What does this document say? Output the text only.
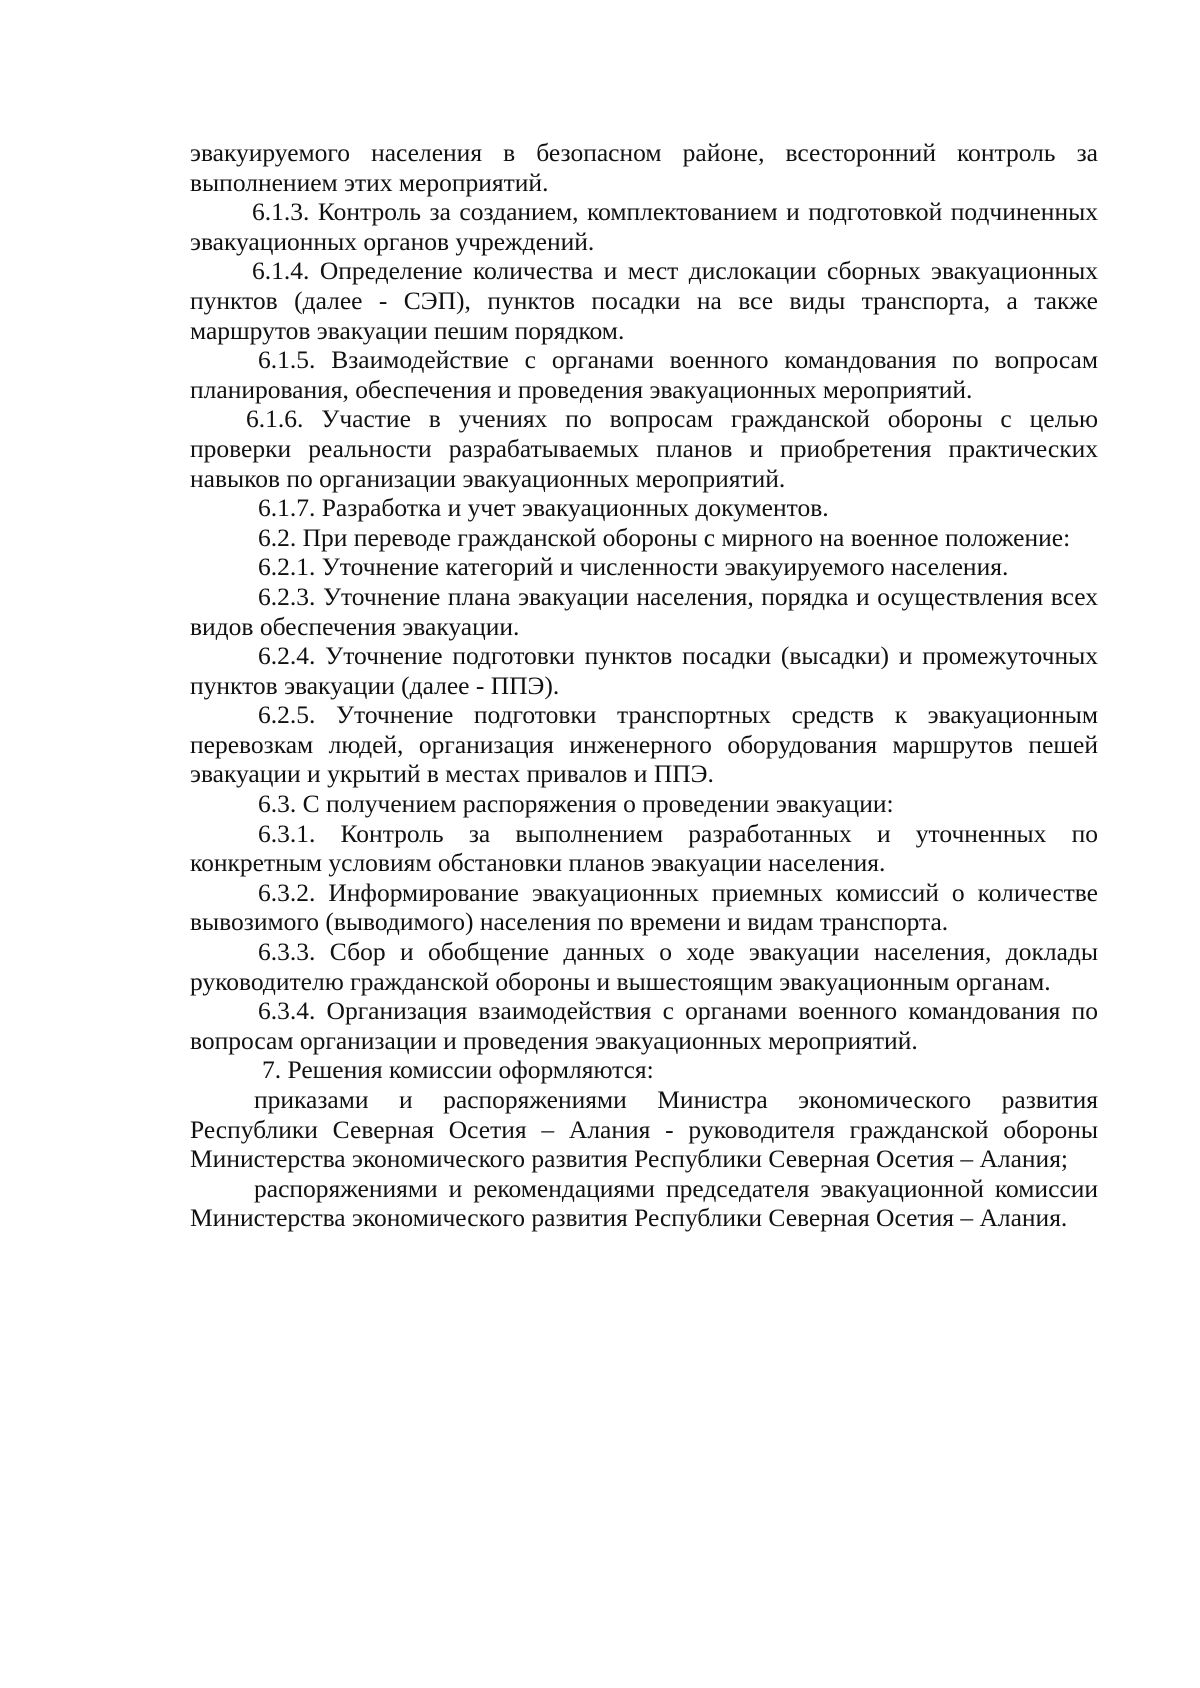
эвакуируемого населения в безопасном районе, всесторонний контроль за выполнением этих мероприятий.

6.1.3. Контроль за созданием, комплектованием и подготовкой подчиненных эвакуационных органов учреждений.

6.1.4. Определение количества и мест дислокации сборных эвакуационных пунктов (далее - СЭП), пунктов посадки на все виды транспорта, а также маршрутов эвакуации пешим порядком.

6.1.5. Взаимодействие с органами военного командования по вопросам планирования, обеспечения и проведения эвакуационных мероприятий.

6.1.6. Участие в учениях по вопросам гражданской обороны с целью проверки реальности разрабатываемых планов и приобретения практических навыков по организации эвакуационных мероприятий.

6.1.7. Разработка и учет эвакуационных документов.

6.2. При переводе гражданской обороны с мирного на военное положение:

6.2.1. Уточнение категорий и численности эвакуируемого населения.

6.2.3. Уточнение плана эвакуации населения, порядка и осуществления всех видов обеспечения эвакуации.

6.2.4. Уточнение подготовки пунктов посадки (высадки) и промежуточных пунктов эвакуации (далее - ППЭ).

6.2.5. Уточнение подготовки транспортных средств к эвакуационным перевозкам людей, организация инженерного оборудования маршрутов пешей эвакуации и укрытий в местах привалов и ППЭ.

6.3. С получением распоряжения о проведении эвакуации:

6.3.1. Контроль за выполнением разработанных и уточненных по конкретным условиям обстановки планов эвакуации населения.

6.3.2. Информирование эвакуационных приемных комиссий о количестве вывозимого (выводимого) населения по времени и видам транспорта.

6.3.3. Сбор и обобщение данных о ходе эвакуации населения, доклады руководителю гражданской обороны и вышестоящим эвакуационным органам.

6.3.4. Организация взаимодействия с органами военного командования по вопросам организации и проведения эвакуационных мероприятий.

7. Решения комиссии оформляются:

приказами и распоряжениями Министра экономического развития Республики Северная Осетия – Алания - руководителя гражданской обороны Министерства экономического развития Республики Северная Осетия – Алания;

распоряжениями и рекомендациями председателя эвакуационной комиссии Министерства экономического развития Республики Северная Осетия – Алания.
